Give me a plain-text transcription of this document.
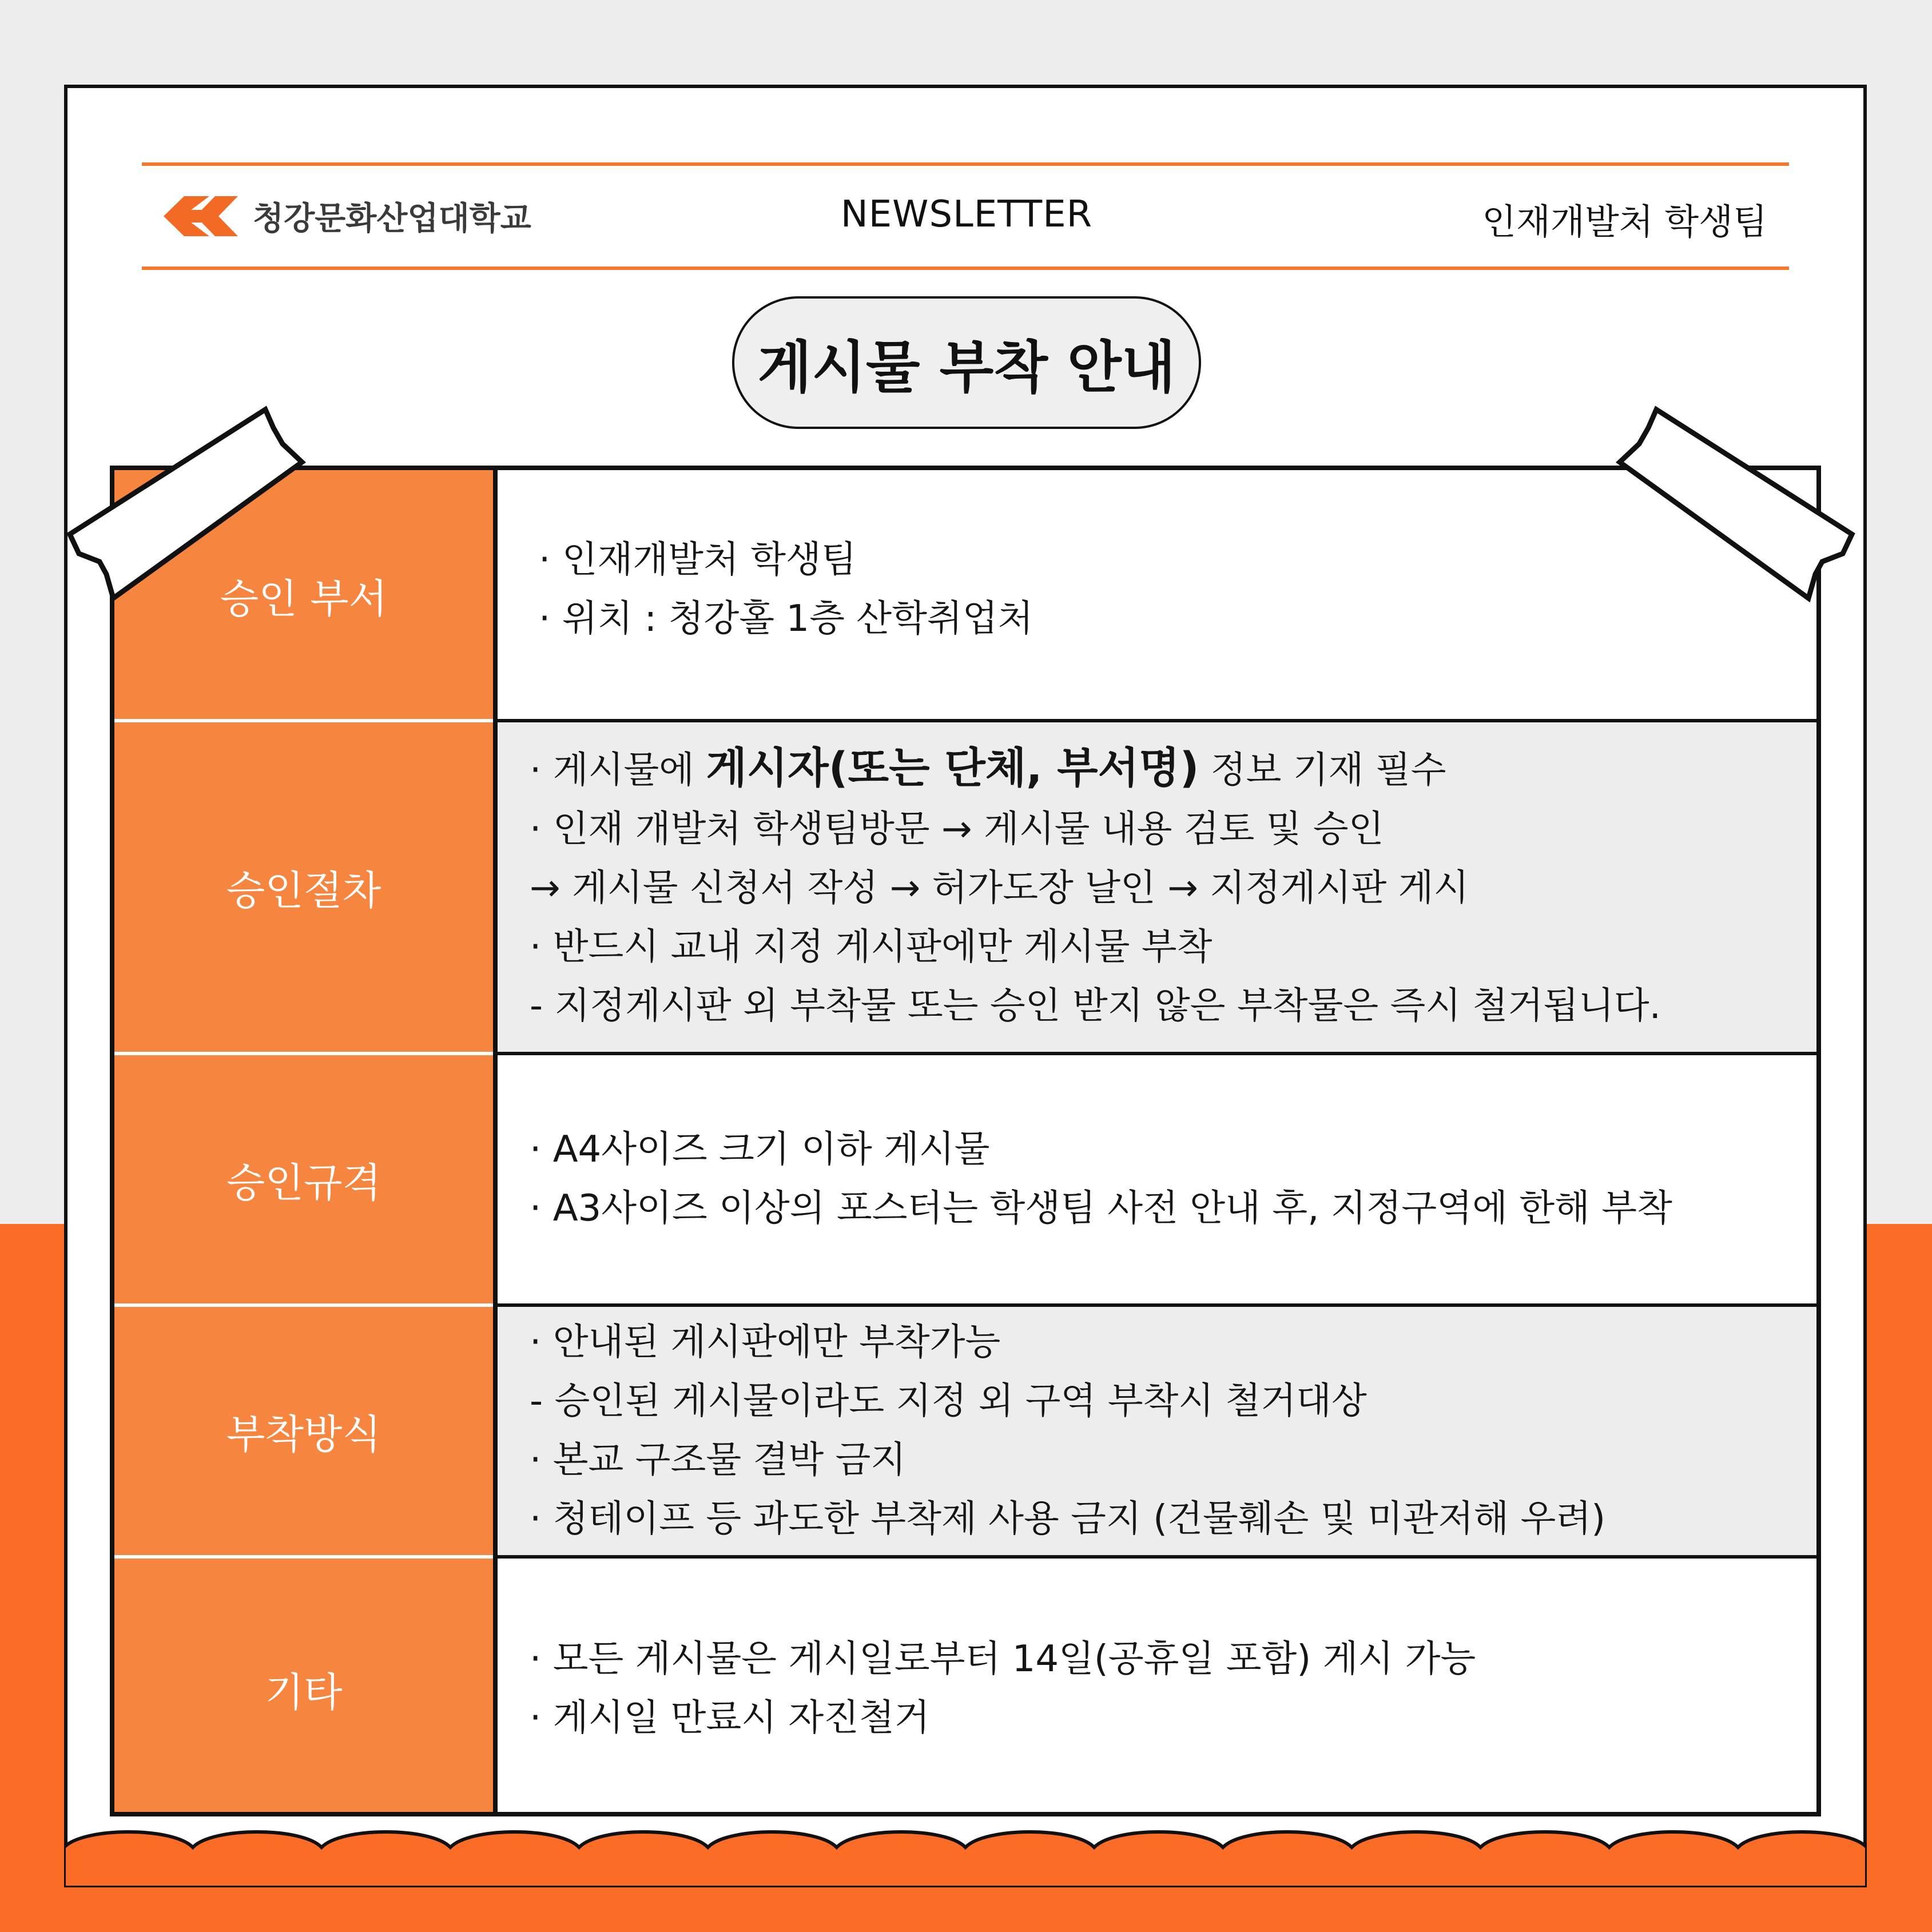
청강문화산업대학교	NEWSLETTER	인재개발처 학생팀
게시물 부착 안내
승인 부서
· 인재개발처 학생팀
· 위치 : 청강홀 1층 산학취업처
승인절차
· 게시물에 게시자(또는 단체, 부서명) 정보 기재 필수
· 인재 개발처 학생팀방문 → 게시물 내용 검토 및 승인
→ 게시물 신청서 작성 → 허가도장 날인 → 지정게시판 게시
· 반드시 교내 지정 게시판에만 게시물 부착
- 지정게시판 외 부착물 또는 승인 받지 않은 부착물은 즉시 철거됩니다.
승인규격
· A4사이즈 크기 이하 게시물
· A3사이즈 이상의 포스터는 학생팀 사전 안내 후, 지정구역에 한해 부착
부착방식
· 안내된 게시판에만 부착가능
- 승인된 게시물이라도 지정 외 구역 부착시 철거대상
· 본교 구조물 결박 금지
· 청테이프 등 과도한 부착제 사용 금지 (건물훼손 및 미관저해 우려)
기타
· 모든 게시물은 게시일로부터 14일(공휴일 포함) 게시 가능
· 게시일 만료시 자진철거
